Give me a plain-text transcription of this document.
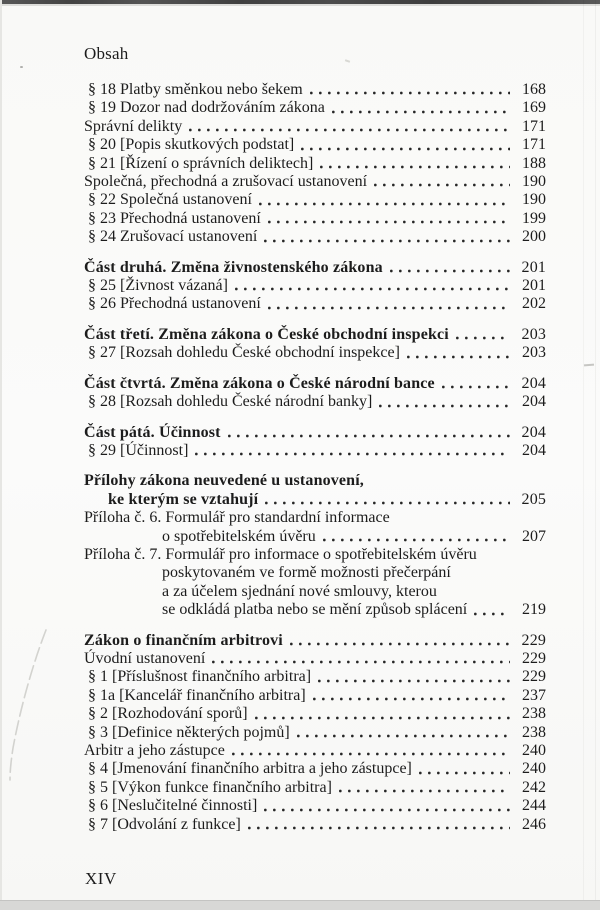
Obsah
§ 18 Platby směnkou nebo šekem	168
§ 19 Dozor nad dodržováním zákona	169
Správní delikty	171
§ 20 [Popis skutkových podstat]	171
§ 21 [Řízení o správních deliktech]	188
Společná, přechodná a zrušovací ustanovení	190
§ 22 Společná ustanovení	190
§ 23 Přechodná ustanovení	199
§ 24 Zrušovací ustanovení	200
Část druhá. Změna živnostenského zákona	201
§ 25 [Živnost vázaná]	201
§ 26 Přechodná ustanovení	202
Část třetí. Změna zákona o České obchodní inspekci	203
§ 27 [Rozsah dohledu České obchodní inspekce]	203
Část čtvrtá. Změna zákona o České národní bance	204
§ 28 [Rozsah dohledu České národní banky]	204
Část pátá. Účinnost	204
§ 29 [Účinnost]	204
Přílohy zákona neuvedené u ustanovení,
ke kterým se vztahují	205
Příloha č. 6. Formulář pro standardní informace
o spotřebitelském úvěru	207
Příloha č. 7. Formulář pro informace o spotřebitelském úvěru
poskytovaném ve formě možnosti přečerpání
a za účelem sjednání nové smlouvy, kterou
se odkládá platba nebo se mění způsob splácení	219
Zákon o finančním arbitrovi	229
Úvodní ustanovení	229
§ 1 [Příslušnost finančního arbitra]	229
§ 1a [Kancelář finančního arbitra]	237
§ 2 [Rozhodování sporů]	238
§ 3 [Definice některých pojmů]	238
Arbitr a jeho zástupce	240
§ 4 [Jmenování finančního arbitra a jeho zástupce]	240
§ 5 [Výkon funkce finančního arbitra]	242
§ 6 [Neslučitelné činnosti]	244
§ 7 [Odvolání z funkce]	246
XIV
